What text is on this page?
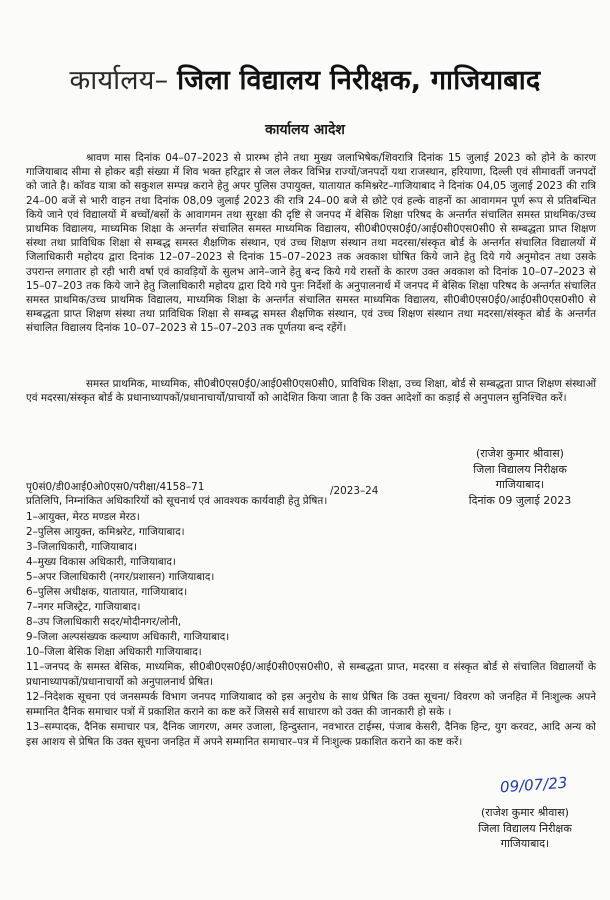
कार्यालय– जिला विद्यालय निरीक्षक, गाजियाबाद
कार्यालय आदेश
श्रावण मास दिनांक 04–07–2023 से प्रारम्भ होने तथा मुख्य जलाभिषेक/शिवरात्रि दिनांक 15 जुलाई 2023 को होने के कारण गाजियाबाद सीमा से होकर बड़ी संख्या में शिव भक्त हरिद्वार से जल लेकर विभिन्न राज्यों/जनपदों यथा राजस्थान, हरियाणा, दिल्ली एवं सीमावर्ती जनपदों को जाते है। कॉवड यात्रा को सकुशल सम्पन्न कराने हेतु अपर पुलिस उपायुक्त, यातायात कमिश्नरेट–गाजियाबाद ने दिनांक 04,05 जुलाई 2023 की रात्रि 24–00 बजें से भारी वाहन तथा दिनांक 08,09 जुलाई 2023 की रात्रि 24–00 बजे से छोटे एवं हल्के वाहनों का आवागमन पूर्ण रूप से प्रतिबन्धित किये जाने एवं विद्यालयों में बच्चों/बसों के आवागमन तथा सुरक्षा की दृष्टि से जनपद में बेसिक शिक्षा परिषद के अन्तर्गत संचालित समस्त प्राथमिक/उच्च प्राथमिक विद्यालय, माध्यमिक शिक्षा के अन्तर्गत संचालित समस्त माध्यमिक विद्यालय, सी0बी0एस0ई0/आई0सी0एस0सी0 से सम्बद्धता प्राप्त शिक्षण संस्था तथा प्राविधिक शिक्षा से सम्बद्ध समस्त शैक्षणिक संस्थान, एवं उच्च शिक्षण संस्थान तथा मदरसा/संस्कृत बोर्ड के अन्तर्गत संचालित विद्यालयों में जिलाधिकारी महोदय द्वारा दिनांक 12–07–2023 से दिनांक 15–07–2023 तक अवकाश घोषित किये जाने हेतु दिये गये अनुमोदन तथा उसके उपरान्त लगातार हो रही भारी वर्षा एवं कावड़ियों के सुलभ आने–जाने हेतु बन्द किये गये रास्तों के कारण उक्त अवकाश को दिनांक 10–07–2023 से 15–07–203 तक किये जाने हेतु जिलाधिकारी महोदय द्वारा दिये गये पुनः निर्देशों के अनुपालनार्थ में जनपद में बेसिक शिक्षा परिषद के अन्तर्गत संचालित समस्त प्राथमिक/उच्च प्राथमिक विद्यालय, माध्यमिक शिक्षा के अन्तर्गत संचालित समस्त माध्यमिक विद्यालय, सी0बी0एस0ई0/आई0सी0एस0सी0 से सम्बद्धता प्राप्त शिक्षण संस्था तथा प्राविधिक शिक्षा से सम्बद्ध समस्त शैक्षणिक संस्थान, एवं उच्च शिक्षण संस्थान तथा मदरसा/संस्कृत बोर्ड के अन्तर्गत संचालित विद्यालय दिनांक 10–07–2023 से 15–07–203 तक पूर्णतया बन्द रहेंगें।
समस्त प्राथमिक, माध्यमिक, सी0बी0एस0ई0/आई0सी0एस0सी0, प्राविधिक शिक्षा, उच्च शिक्षा, बोर्ड से सम्बद्धता प्राप्त शिक्षण संस्थाओं एवं मदरसा/संस्कृत बोर्ड के प्रधानाध्यापकों/प्रधानाचार्यो/प्राचार्यो को आदेशित किया जाता है कि उक्त आदेशों का कड़ाई से अनुपालन सुनिश्चित करें।
(राजेश कुमार श्रीवास)
जिला विद्यालय निरीक्षक
गाजियाबाद।
दिनांक 09 जुलाई 2023
पृ0सं0/डी0आई0ओ0एस0/परीक्षा/4158–71	/2023–24
प्रतिलिपि, निम्नांकित अधिकारियों को सूचनार्थ एवं आवश्यक कार्यवाही हेतु प्रेषित।
1–आयुक्त, मेरठ मण्डल मेरठ।
2–पुलिस आयुक्त, कमिश्नरेट, गाजियाबाद।
3–जिलाधिकारी, गाजियाबाद।
4–मुख्य विकास अधिकारी, गाजियाबाद।
5–अपर जिलाधिकारी (नगर/प्रशासन) गाजियाबाद।
6–पुलिस अधीक्षक, यातायात, गाजियाबाद।
7–नगर मजिस्ट्रेट, गाजियाबाद।
8–उप जिलाधिकारी सदर/मोदीनगर/लोनी,
9–जिला अल्पसंख्यक कल्याण अधिकारी, गाजियाबाद।
10–जिला बेसिक शिक्षा अधिकारी गाजियाबाद।
11–जनपद के समस्त बेसिक, माध्यमिक, सी0बी0एस0ई0/आई0सी0एस0सी0, से सम्बद्धता प्राप्त, मदरसा व संस्कृत बोर्ड से संचालित विद्यालयों के प्रधानाध्यापकों/प्रधानाचार्यो को अनुपालनार्थ प्रेषित।
12–निदेशक सूचना एवं जनसम्पर्क विभाग जनपद गाजियाबाद को इस अनुरोध के साथ प्रेषित कि उक्त सूचना/ विवरण को जनहित में निःशुल्क अपने सम्मानित दैनिक समाचार पत्रों में प्रकाशित कराने का कष्ट करें जिससे सर्व साधारण को उक्त की जानकारी हो सके ।
13–सम्पादक, दैनिक समाचार पत्र, दैनिक जागरण, अमर उजाला, हिन्दुस्तान, नवभारत टाईम्स, पंजाब केसरी, दैनिक हिन्ट, युग करवट, आदि अन्य को इस आशय से प्रेषित कि उक्त सूचना जनहित में अपने सम्मानित समाचार–पत्र में निःशुल्क प्रकाशित कराने का कष्ट करें।
09/07/23
(राजेश कुमार श्रीवास)
जिला विद्यालय निरीक्षक
गाजियाबाद।
